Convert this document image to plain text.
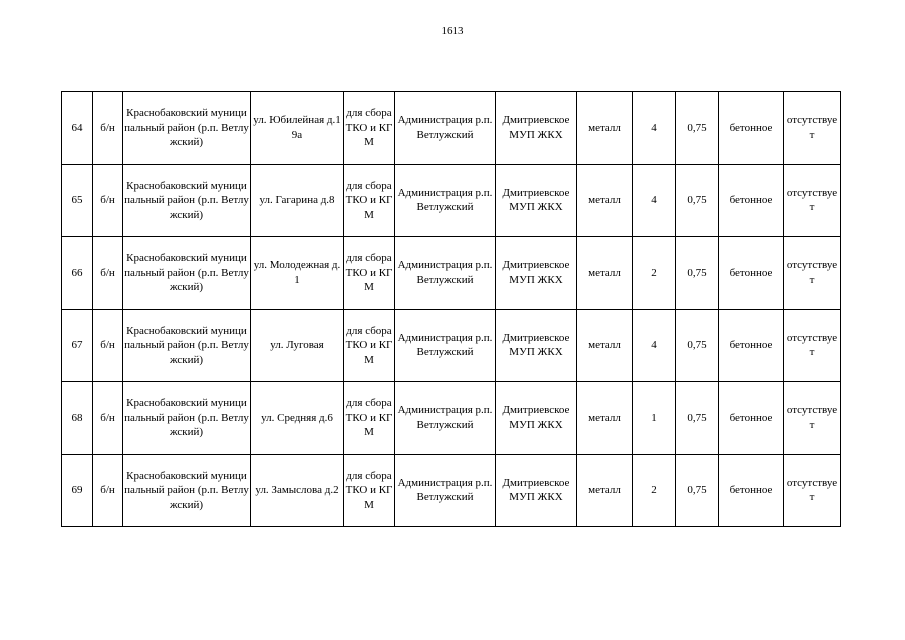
1613
64	б/н	Краснобаковский муниципальный район (р.п. Ветлужский)	ул. Юбилейная д.19а	для сбора ТКО и КГМ	Администрация р.п.Ветлужский	Дмитриевское МУП ЖКХ	металл	4	0,75	бетонное	отсутствует
65	б/н	Краснобаковский муниципальный район (р.п. Ветлужский)	ул. Гагарина д.8	для сбора ТКО и КГМ	Администрация р.п.Ветлужский	Дмитриевское МУП ЖКХ	металл	4	0,75	бетонное	отсутствует
66	б/н	Краснобаковский муниципальный район (р.п. Ветлужский)	ул. Молодежная д.1	для сбора ТКО и КГМ	Администрация р.п.Ветлужский	Дмитриевское МУП ЖКХ	металл	2	0,75	бетонное	отсутствует
67	б/н	Краснобаковский муниципальный район (р.п. Ветлужский)	ул. Луговая	для сбора ТКО и КГМ	Администрация р.п.Ветлужский	Дмитриевское МУП ЖКХ	металл	4	0,75	бетонное	отсутствует
68	б/н	Краснобаковский муниципальный район (р.п. Ветлужский)	ул. Средняя д.6	для сбора ТКО и КГМ	Администрация р.п.Ветлужский	Дмитриевское МУП ЖКХ	металл	1	0,75	бетонное	отсутствует
69	б/н	Краснобаковский муниципальный район (р.п. Ветлужский)	ул. Замыслова д.2	для сбора ТКО и КГМ	Администрация р.п.Ветлужский	Дмитриевское МУП ЖКХ	металл	2	0,75	бетонное	отсутствует
